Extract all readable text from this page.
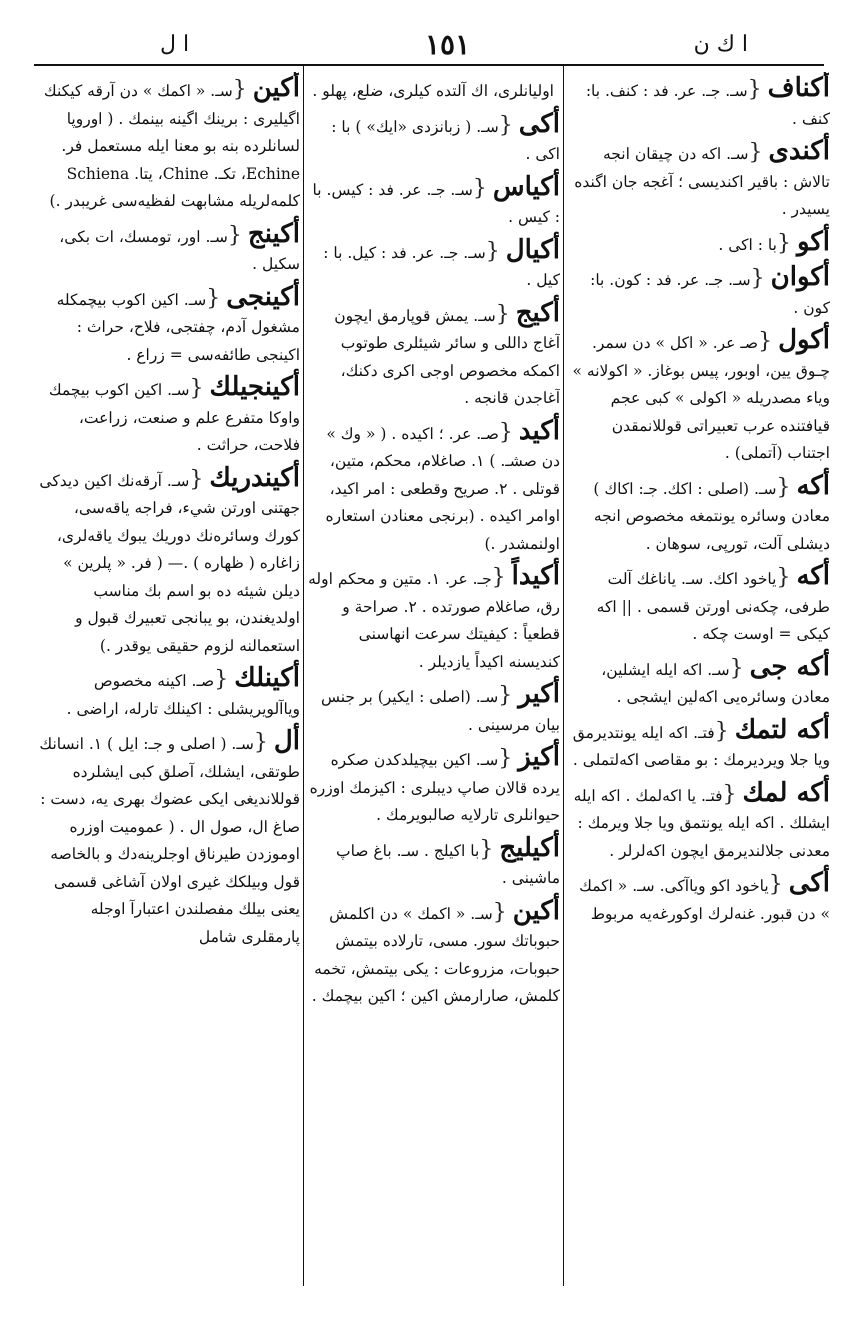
ا ل	١٥١	ا ك ن
أكناف{سـ. جـ. عر. فد : كنف. با: كنف .
أكندى{سـ. اكه دن چيقان انجه تالاش : باقير اكنديسى ؛ آغجه جان اگنده يسيدر .
أكو{با : اكى .
أكوان{سـ. جـ. عر. فد : كون. با: كون .
أكول{صـ عر. « اكل » دن سمر. چـوق يين، اوبور، پيس بوغاز. « اكولانه » وياء مصدريله « اكولى » كبى عجم قيافتنده عرب تعبيراتى قوللانمقدن اجتناب (آتملى) .
أكه{سـ. (اصلى : اكك. جـ: اكاك ) معادن وسائره يونتمغه مخصوص انجه ديشلى آلت، تورپى، سوهان .
أكه{ياخود اكك. سـ. ياناغك آلت طرفى، چكه‌نى اورتن قسمى . || اكه كيكى = اوست چكه .
أكه جى{سـ. اكه ايله ايشلين، معادن وسائره‌يى اكه‌لين ايشجى .
أكه لتمك{فتـ. اكه ايله يونتديرمق ويا جلا ويرديرمك : بو مقاصى اكه‌لتملى .
أكه لمك{فتـ. يا اكه‌لمك . اكه ايله ايشلك . اكه ايله يونتمق ويا جلا ويرمك : معدنى جلالنديرمق ايچون اكه‌لرلر .
أكى{ياخود اكو وياآكى. سـ. « اكمك » دن قبور. غنه‌لرك اوكورغه‌يه مربوط
اوليانلرى، اك آلتده كيلرى، ضلع، پهلو .
أكى{سـ. ( زبانزدى «ايك» ) با : اكى .
أكياس{سـ. جـ. عر. فد : كيس. با : كيس .
أكيال{سـ. جـ. عر. فد : كيل. با : كيل .
أكيج{سـ. يمش قوپارمق ايچون آغاج داللى و سائر شيئلرى طوتوب اكمكه مخصوص اوجى اكرى دكنك، آغاجدن قانجه .
أكيد{صـ. عر. ؛ اكيده . ( « وك » دن صشـ. ) ١. صاغلام، محكم، متين، قوتلى . ٢. صريح وقطعى : امر اكيد، اوامر اكيده . (برنجى معنادن استعاره اولنمشدر .)
أكيداً{جـ. عر. ١. متين و محكم اوله رق، صاغلام صورتده . ٢. صراحة و قطعياً : كيفيتك سرعت انهاسنى كنديسنه اكيداً يازديلر .
أكير{سـ. (اصلى : ايكير) بر جنس بيان مرسينى .
أكيز{سـ. اكين بيچيلدكدن صكره يرده قالان صاپ ديبلرى : اكيزمك اوزره حيوانلرى تارلايه صالبويرمك .
أكيليج{با اكيلج . سـ. باغ صاپ ماشينى .
أكين{سـ. « اكمك » دن اكلمش حبوباتك سور. مسى، تارلاده بيتمش حبوبات، مزروعات : يكى بيتمش، تخمه كلمش، صارارمش اكين ؛ اكين بيچمك .
أكين{سـ. « اكمك » دن آرقه كيكنك اگيليرى : برينك اگينه بينمك . ( اوروپا لسانلرده بنه بو معنا ايله مستعمل فر. Echine، تكـ. Chine، يتا. Schiena كلمه‌لريله مشابهت لفظيه‌سى غريبدر .)
أكينج{سـ. اور، تومسك، ات بكى، سكيل .
أكينجى{سـ. اكين اكوب بيچمكله مشغول آدم، چفتجى، فلاح، حراث : اكينجى طائفه‌سى = زراع .
أكينجيلك{سـ. اكين اكوب بيچمك واوكا متفرع علم و صنعت، زراعت، فلاحت، حراثت .
أكيندريك{سـ. آرقه‌نك اكين ديدكى جهتنى اورتن شيء، فراجه ياقه‌سى، كورك وسائره‌نك دوريك يبوك ياقه‌لرى، زاغاره ( ظهاره ) .— ( فر. « پلرين » ديلن شيئه ده بو اسم بك مناسب اولديغندن، بو يبانجى تعبيرك قبول و استعمالنه لزوم حقيقى يوقدر .)
أكينلك{صـ. اكينه مخصوص وياآلويريشلى : اكينلك تارله، اراضى .
أل{سـ. ( اصلى و جـ: ايل ) ١. انسانك طوتقى، ايشلك، آصلق كبى ايشلرده قوللانديغى ايكى عضوك بهرى يه، دست : صاغ ال، صول ال . ( عموميت اوزره اوموزدن طيرناق اوجلرينه‌دك و بالخاصه قول وبيلكك غيرى اولان آشاغى قسمى يعنى بيلك مفصلندن اعتبارآ اوجله پارمقلرى شامل
